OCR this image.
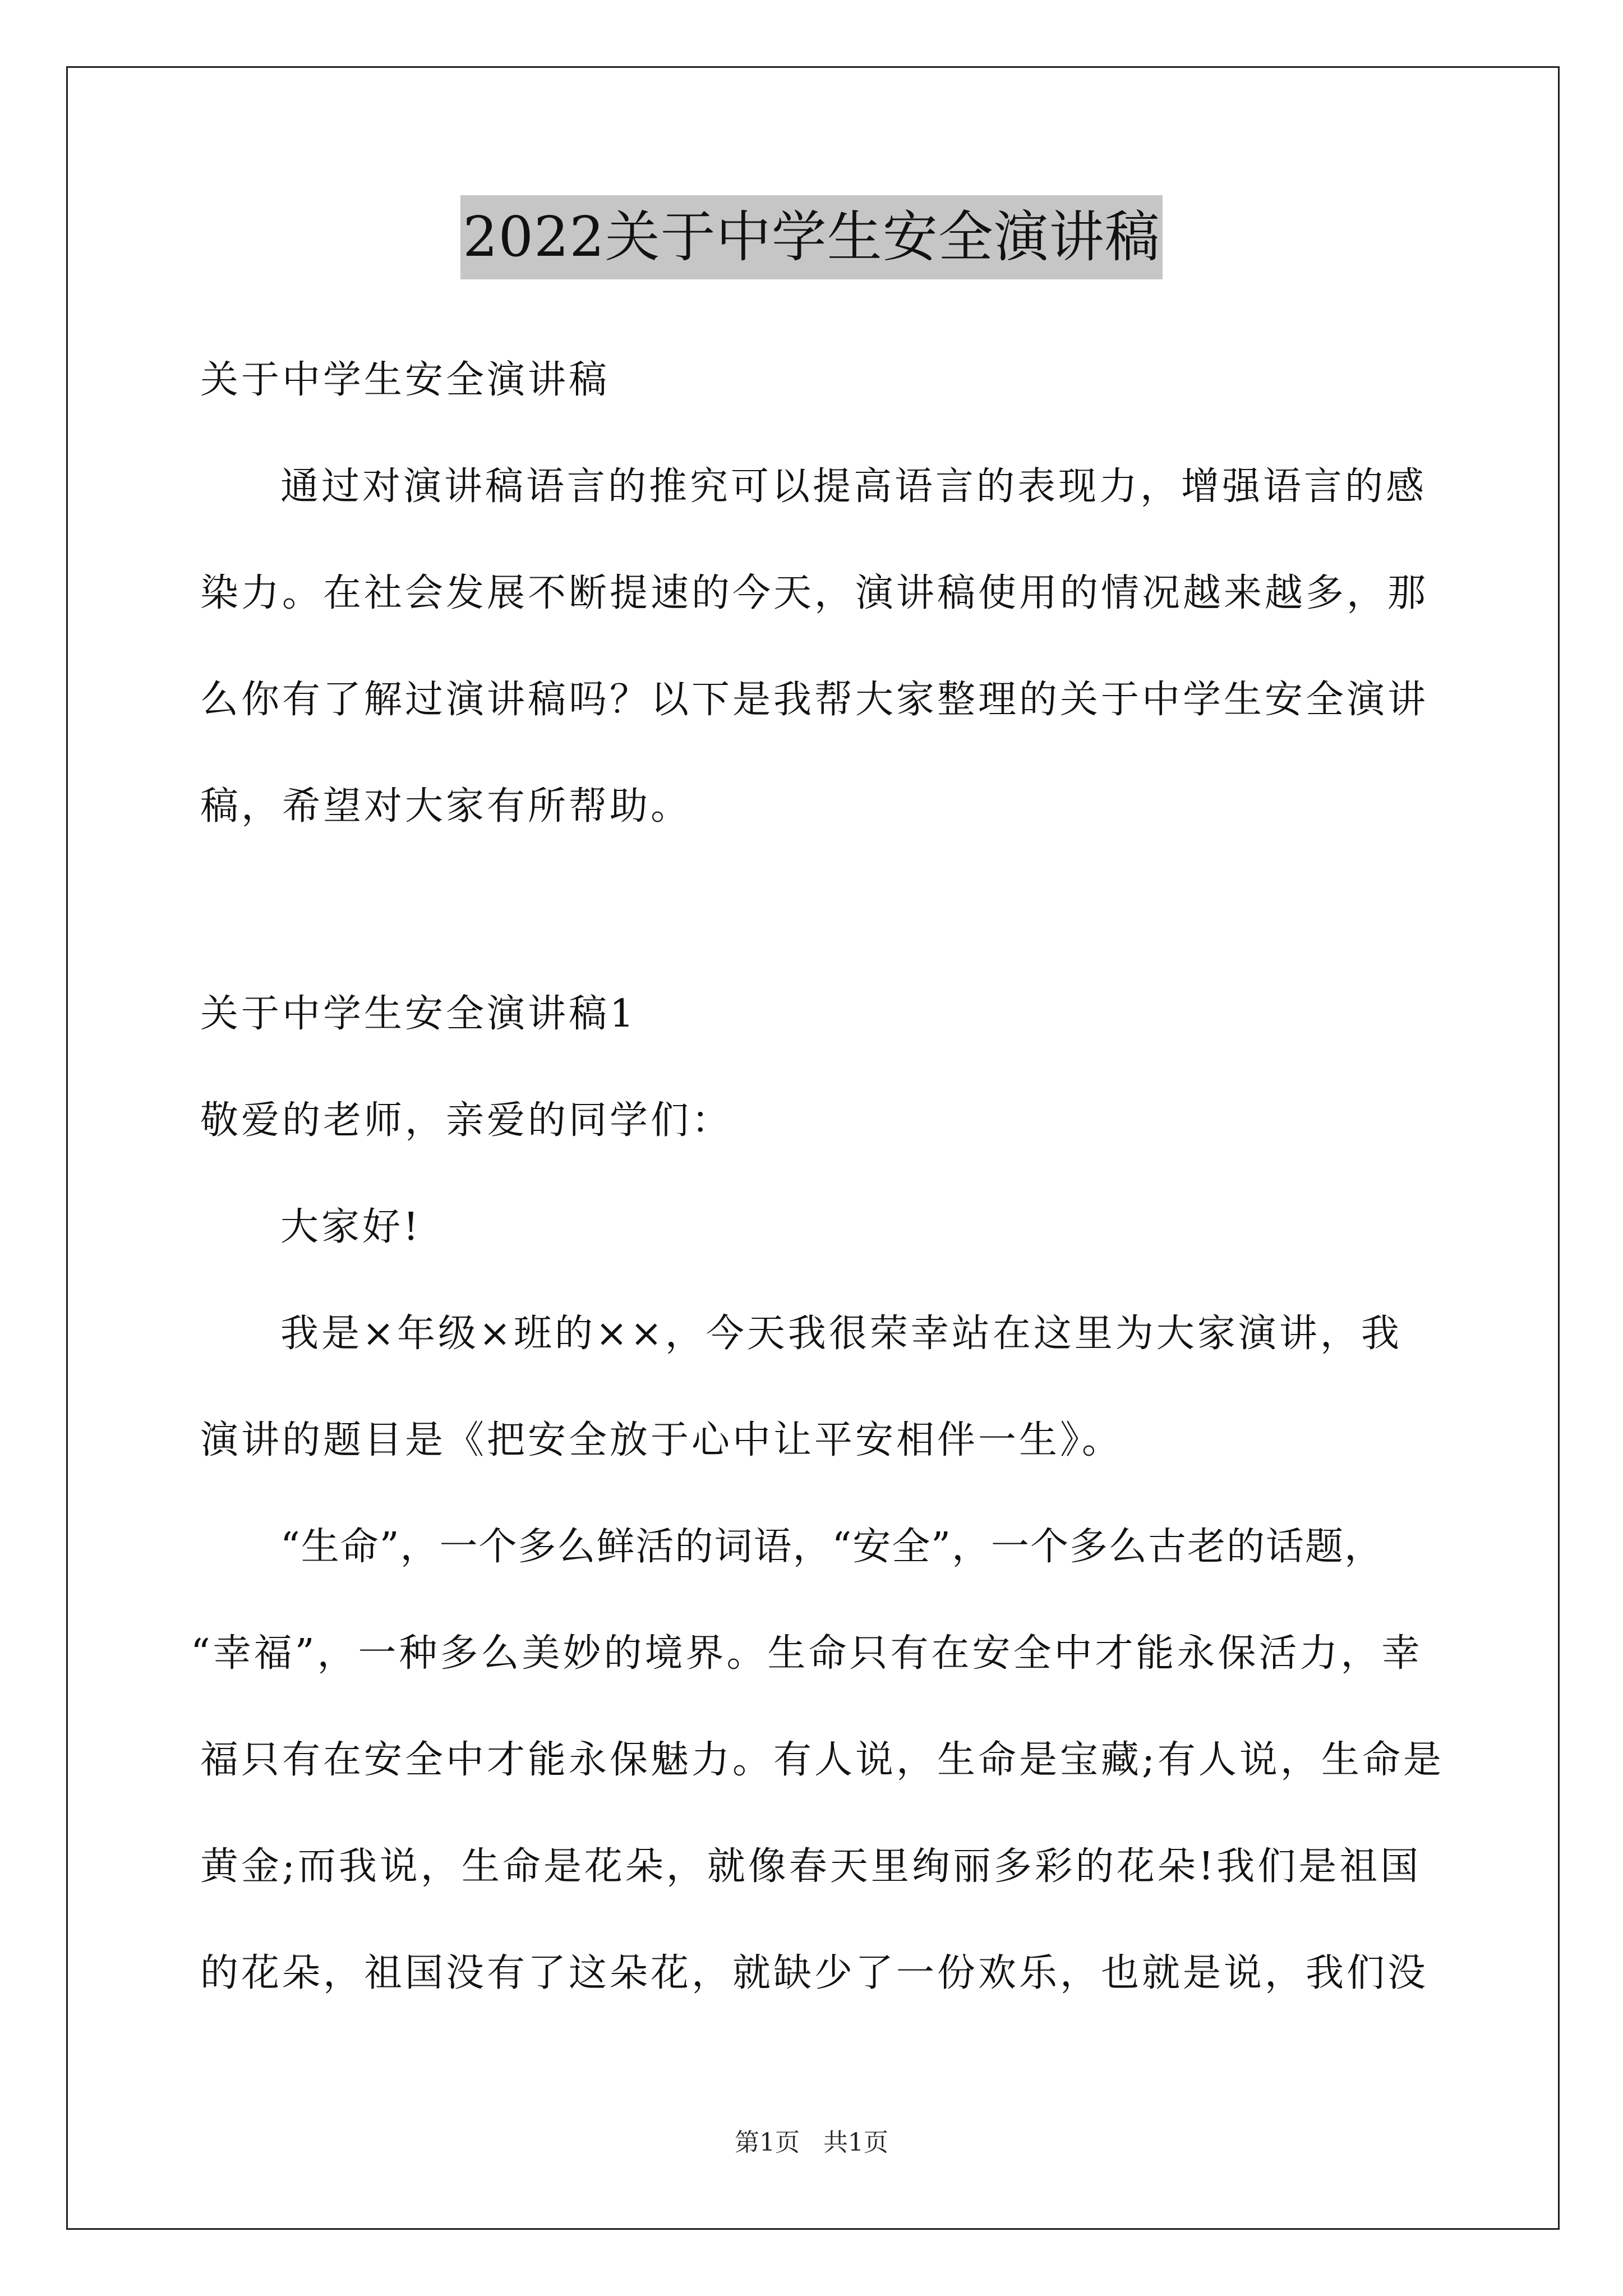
2022关于中学生安全演讲稿
关于中学生安全演讲稿
通过对演讲稿语言的推究可以提高语言的表现力，增强语言的感
染力。在社会发展不断提速的今天，演讲稿使用的情况越来越多，那
么你有了解过演讲稿吗？以下是我帮大家整理的关于中学生安全演讲
稿，希望对大家有所帮助。
关于中学生安全演讲稿1
敬爱的老师，亲爱的同学们：
大家好!
我是×年级×班的××，今天我很荣幸站在这里为大家演讲，我
演讲的题目是《把安全放于心中让平安相伴一生》。
“生命”，一个多么鲜活的词语，“安全”，一个多么古老的话题，
“幸福”，一种多么美妙的境界。生命只有在安全中才能永保活力，幸
福只有在安全中才能永保魅力。有人说，生命是宝藏;有人说，生命是
黄金;而我说，生命是花朵，就像春天里绚丽多彩的花朵!我们是祖国
的花朵，祖国没有了这朵花，就缺少了一份欢乐，也就是说，我们没
第1页   共1页
